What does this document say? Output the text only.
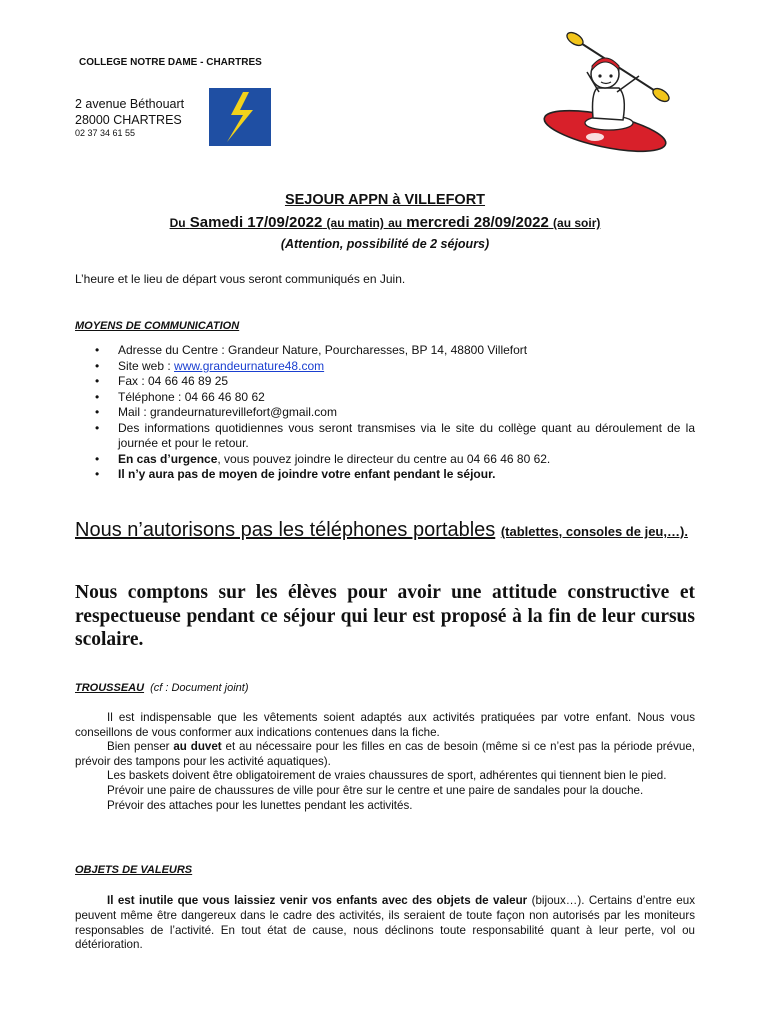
COLLEGE NOTRE DAME - CHARTRES
2 avenue Béthouart
28000 CHARTRES
02 37 34 61 55
SEJOUR APPN à VILLEFORT
Du Samedi 17/09/2022 (au matin) au mercredi 28/09/2022 (au soir)
(Attention, possibilité de 2 séjours)
L’heure et le lieu de départ vous seront communiqués en Juin.
MOYENS DE COMMUNICATION
• Adresse du Centre : Grandeur Nature, Pourcharesses, BP 14, 48800 Villefort
• Site web : www.grandeurnature48.com
• Fax : 04 66 46 89 25
• Téléphone : 04 66 46 80 62
• Mail : grandeurnaturevillefort@gmail.com
• Des informations quotidiennes vous seront transmises via le site du collège quant au déroulement de la journée et pour le retour.
• En cas d’urgence, vous pouvez joindre le directeur du centre au 04 66 46 80 62.
• Il n’y aura pas de moyen de joindre votre enfant pendant le séjour.
Nous n’autorisons pas les téléphones portables (tablettes, consoles de jeu,…).
Nous comptons sur les élèves pour avoir une attitude constructive et respectueuse pendant ce séjour qui leur est proposé à la fin de leur cursus scolaire.
TROUSSEAU (cf : Document joint)

Il est indispensable que les vêtements soient adaptés aux activités pratiquées par votre enfant. Nous vous conseillons de vous conformer aux indications contenues dans la fiche.

Bien penser au duvet et au nécessaire pour les filles en cas de besoin (même si ce n’est pas la période prévue, prévoir des tampons pour les activité aquatiques).

Les baskets doivent être obligatoirement de vraies chaussures de sport, adhérentes qui tiennent bien le pied.

Prévoir une paire de chaussures de ville pour être sur le centre et une paire de sandales pour la douche.

Prévoir des attaches pour les lunettes pendant les activités.

OBJETS DE VALEURS
Il est inutile que vous laissiez venir vos enfants avec des objets de valeur (bijoux…). Certains d’entre eux peuvent même être dangereux dans le cadre des activités, ils seraient de toute façon non autorisés par les moniteurs responsables de l’activité. En tout état de cause, nous déclinons toute responsabilité quant à leur perte, vol ou détérioration.
